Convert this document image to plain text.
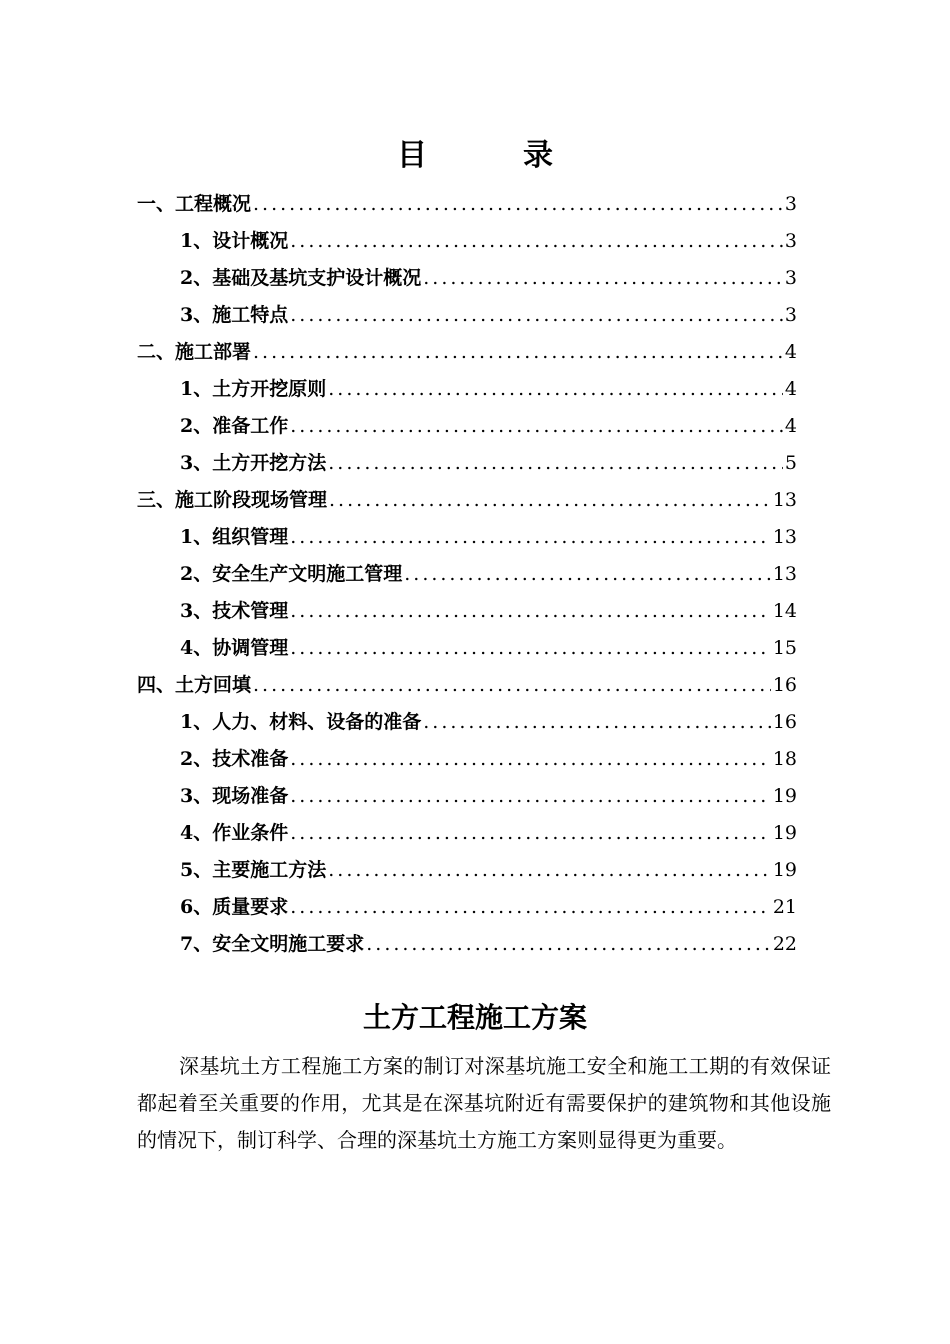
目	录
一、工程概况 .....	3
1、设计概况 .....	3
2、基础及基坑支护设计概况 .....	3
3、施工特点 .....	3
二、施工部署 .....	4
1、土方开挖原则 .....	4
2、准备工作 .....	4
3、土方开挖方法 .....	5
三、施工阶段现场管理 .....	13
1、组织管理 .....	13
2、安全生产文明施工管理 .....	13
3、技术管理 .....	14
4、协调管理 .....	15
四、土方回填 .....	16
1、人力、材料、设备的准备 .....	16
2、技术准备 .....	18
3、现场准备 .....	19
4、作业条件 .....	19
5、主要施工方法 .....	19
6、质量要求 .....	21
7、安全文明施工要求 .....	22
土方工程施工方案

深基坑土方工程施工方案的制订对深基坑施工安全和施工工期的有效保证都起着至关重要的作用，尤其是在深基坑附近有需要保护的建筑物和其他设施的情况下，制订科学、合理的深基坑土方施工方案则显得更为重要。
